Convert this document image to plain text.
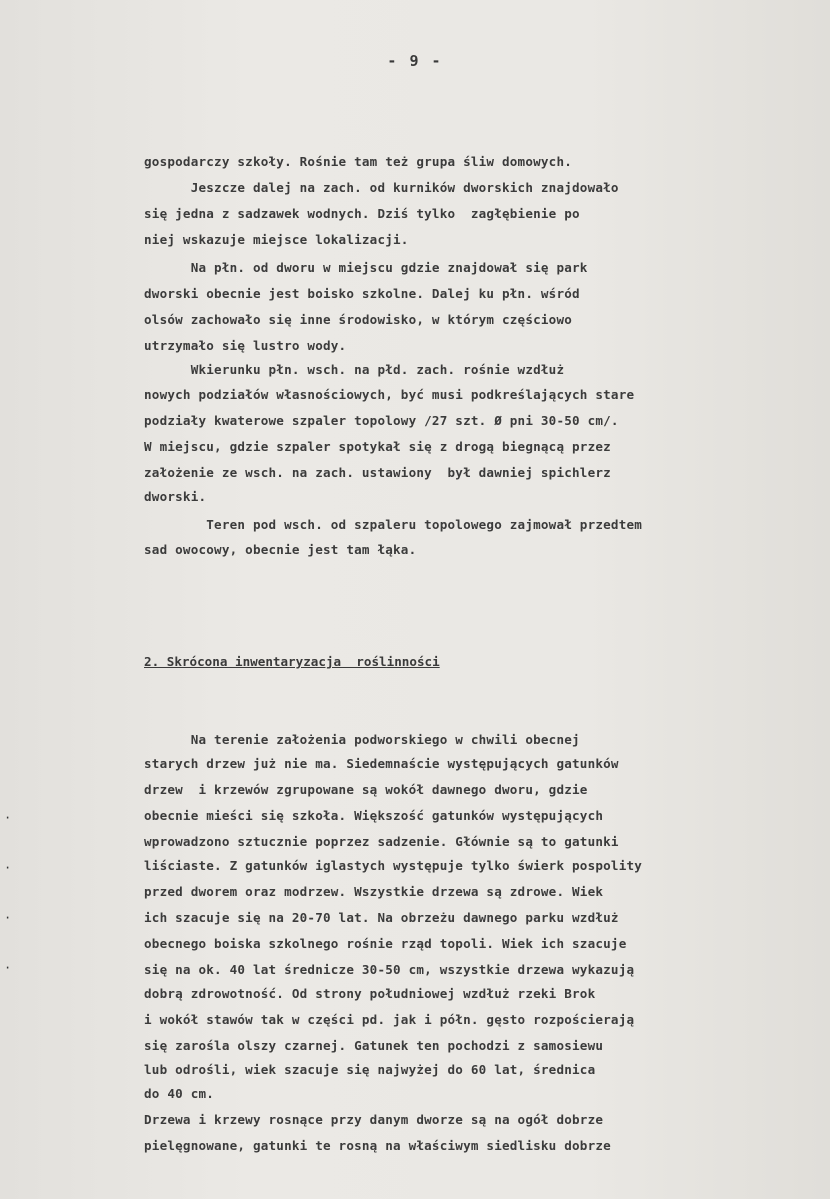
- 9 -
gospodarczy szkoły. Rośnie tam też grupa śliw domowych.
Jeszcze dalej na zach. od kurników dworskich znajdowało
się jedna z sadzawek wodnych. Dziś tylko  zagłębienie po
niej wskazuje miejsce lokalizacji.
Na płn. od dworu w miejscu gdzie znajdował się park
dworski obecnie jest boisko szkolne. Dalej ku płn. wśród
olsów zachowało się inne środowisko, w którym częściowo
utrzymało się lustro wody.
Wkierunku płn. wsch. na płd. zach. rośnie wzdłuż
nowych podziałów własnościowych, być musi podkreślających stare
podziały kwaterowe szpaler topolowy /27 szt. Ø pni 30-50 cm/.
W miejscu, gdzie szpaler spotykał się z drogą biegnącą przez
założenie ze wsch. na zach. ustawiony  był dawniej spichlerz
dworski.
Teren pod wsch. od szpaleru topolowego zajmował przedtem
sad owocowy, obecnie jest tam łąka.
2. Skrócona inwentaryzacja  roślinności
Na terenie założenia podworskiego w chwili obecnej
starych drzew już nie ma. Siedemnaście występujących gatunków
drzew  i krzewów zgrupowane są wokół dawnego dworu, gdzie
obecnie mieści się szkoła. Większość gatunków występujących
wprowadzono sztucznie poprzez sadzenie. Głównie są to gatunki
liściaste. Z gatunków iglastych występuje tylko świerk pospolity
przed dworem oraz modrzew. Wszystkie drzewa są zdrowe. Wiek
ich szacuje się na 20-70 lat. Na obrzeżu dawnego parku wzdłuż
obecnego boiska szkolnego rośnie rząd topoli. Wiek ich szacuje
się na ok. 40 lat średnicze 30-50 cm, wszystkie drzewa wykazują
dobrą zdrowotność. Od strony południowej wzdłuż rzeki Brok
i wokół stawów tak w części pd. jak i półn. gęsto rozpościerają
się zarośla olszy czarnej. Gatunek ten pochodzi z samosiewu
lub odrośli, wiek szacuje się najwyżej do 60 lat, średnica
do 40 cm.
Drzewa i krzewy rosnące przy danym dworze są na ogół dobrze
pielęgnowane, gatunki te rosną na właściwym siedlisku dobrze
·
·
·
·
